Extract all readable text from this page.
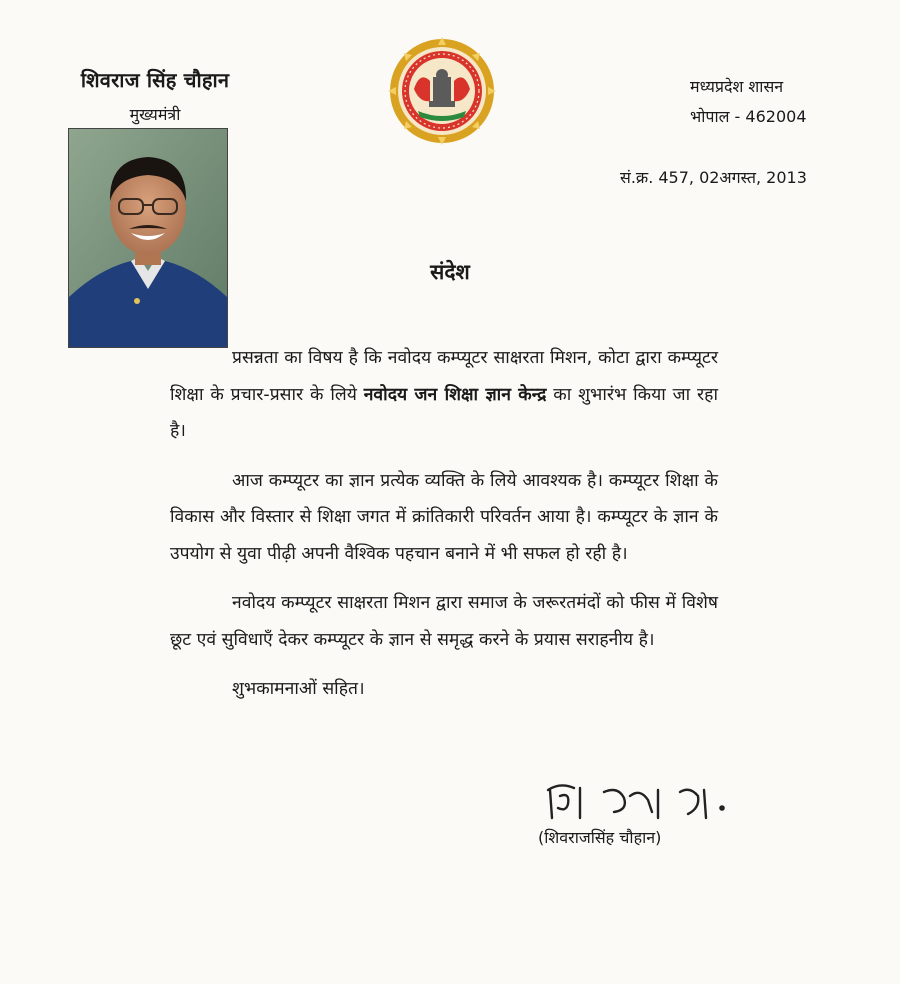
शिवराज सिंह चौहान
मुख्यमंत्री
मध्यप्रदेश शासन
भोपाल - 462004
सं.क्र. 457, 02अगस्त, 2013
संदेश

प्रसन्नता का विषय है कि नवोदय कम्प्यूटर साक्षरता मिशन, कोटा द्वारा कम्प्यूटर शिक्षा के प्रचार-प्रसार के लिये नवोदय जन शिक्षा ज्ञान केन्द्र का शुभारंभ किया जा रहा है।

आज कम्प्यूटर का ज्ञान प्रत्येक व्यक्ति के लिये आवश्यक है। कम्प्यूटर शिक्षा के विकास और विस्तार से शिक्षा जगत में क्रांतिकारी परिवर्तन आया है। कम्प्यूटर के ज्ञान के उपयोग से युवा पीढ़ी अपनी वैश्विक पहचान बनाने में भी सफल हो रही है।

नवोदय कम्प्यूटर साक्षरता मिशन द्वारा समाज के जरूरतमंदों को फीस में विशेष छूट एवं सुविधाएँ देकर कम्प्यूटर के ज्ञान से समृद्ध करने के प्रयास सराहनीय है।

शुभकामनाओं सहित।

(शिवराजसिंह चौहान)
